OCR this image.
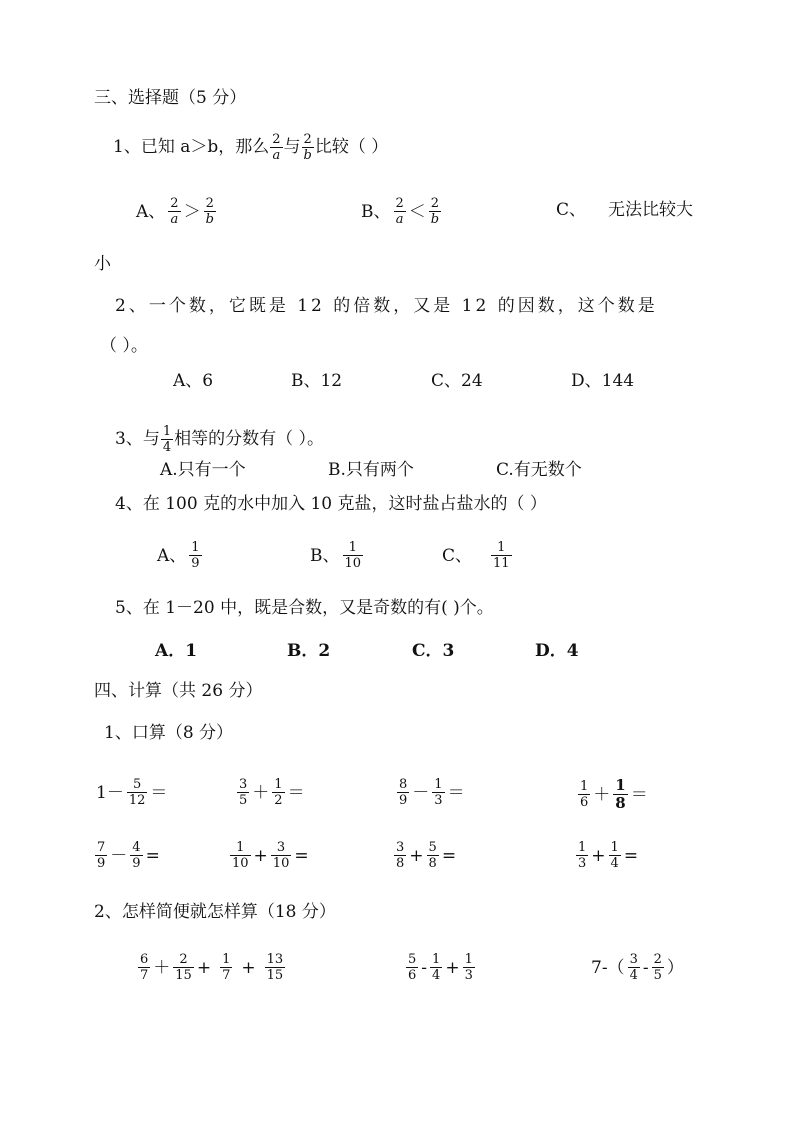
三、选择题（5 分）
1、已知 a＞b，那么 $\frac{2}{a}$ 与 $\frac{2}{b}$ 比较（ ）
A、 $\frac{2}{a} > \frac{2}{b}$	B、 $\frac{2}{a} < \frac{2}{b}$	C、 无法比较大
小
2、一个数，它既是 12 的倍数，又是 12 的因数，这个数是
（ ）。
A、6	B、12	C、24	D、144
3、与 $\frac{1}{4}$ 相等的分数有（ ）。
A.只有一个	B.只有两个	C.有无数个
4、在 100 克的水中加入 10 克盐，这时盐占盐水的（ ）
A、 $\frac{1}{9}$	B、 $\frac{1}{10}$	C、 $\frac{1}{11}$
5、在 1－20 中，既是合数，又是奇数的有( )个。
A．1	B．2	C．3	D．4
四、计算（共 26 分）
1、口算（8 分）
$1- \frac{5}{12}$ ＝	$\frac{3}{5} + \frac{1}{2}$ ＝	$\frac{8}{9} - \frac{1}{3}$ ＝	$\frac{1}{6} + \frac{1}{8}$ ＝
$\frac{7}{9} - \frac{4}{9}$ =	$\frac{1}{10} + \frac{3}{10}$ =	$\frac{3}{8} + \frac{5}{8}$ =	$\frac{1}{3} + \frac{1}{4}$ =
2、怎样简便就怎样算（18 分）
$\frac{6}{7} + \frac{2}{15} + \frac{1}{7} + \frac{13}{15}$	$\frac{5}{6} - \frac{1}{4} + \frac{1}{3}$	$7-( \frac{3}{4} - \frac{2}{5}$ ）
